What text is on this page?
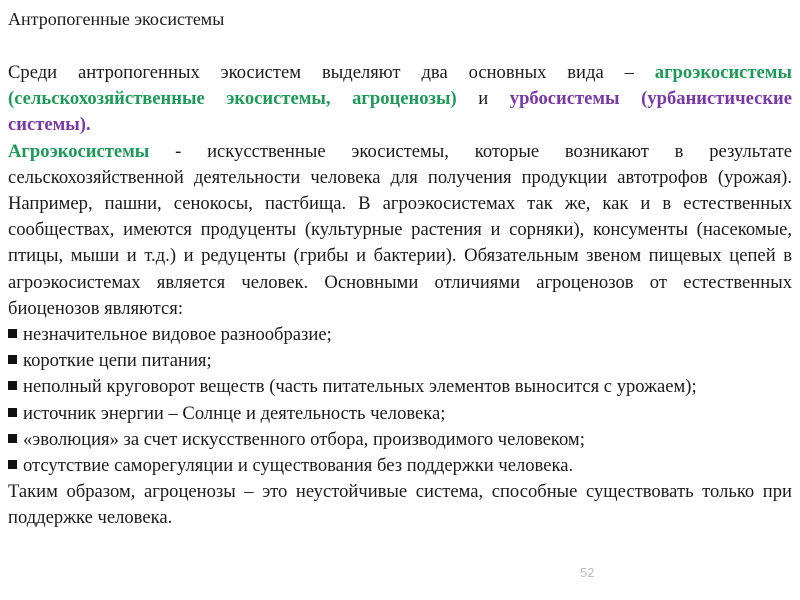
Антропогенные экосистемы

Среди антропогенных экосистем выделяют два основных вида – агроэкосистемы (сельскохозяйственные экосистемы, агроценозы) и урбосистемы (урбанистические системы).

Агроэкосистемы - искусственные экосистемы, которые возникают в результате сельскохозяйственной деятельности человека для получения продукции автотрофов (урожая). Например, пашни, сенокосы, пастбища. В агроэкосистемах так же, как и в естественных сообществах, имеются продуценты (культурные растения и сорняки), консументы (насекомые, птицы, мыши и т.д.) и редуценты (грибы и бактерии). Обязательным звеном пищевых цепей в агроэкосистемах является человек. Основными отличиями агроценозов от естественных биоценозов являются:

незначительное видовое разнообразие;
короткие цепи питания;
неполный круговорот веществ (часть питательных элементов выносится с урожаем);
источник энергии – Солнце и деятельность человека;
«эволюция» за счет искусственного отбора, производимого человеком;
отсутствие саморегуляции и существования без поддержки человека.

Таким образом, агроценозы – это неустойчивые система, способные существовать только при поддержке человека.

52
